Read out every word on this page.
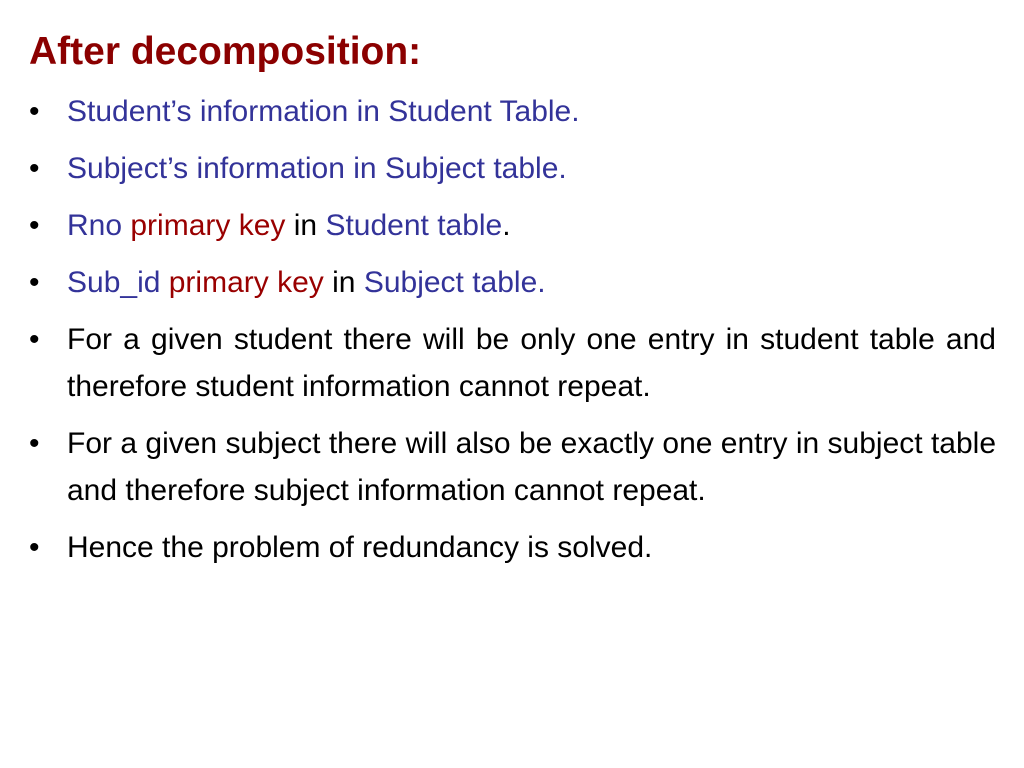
After decomposition:
• Student’s information in Student Table.
• Subject’s information in Subject table.
• Rno primary key in Student table.
• Sub_id primary key in Subject table.
• For a given student there will be only one entry in student table and therefore student information cannot repeat.
• For a given subject there will also be exactly one entry in subject table and therefore subject information cannot repeat.
• Hence the problem of redundancy is solved.
